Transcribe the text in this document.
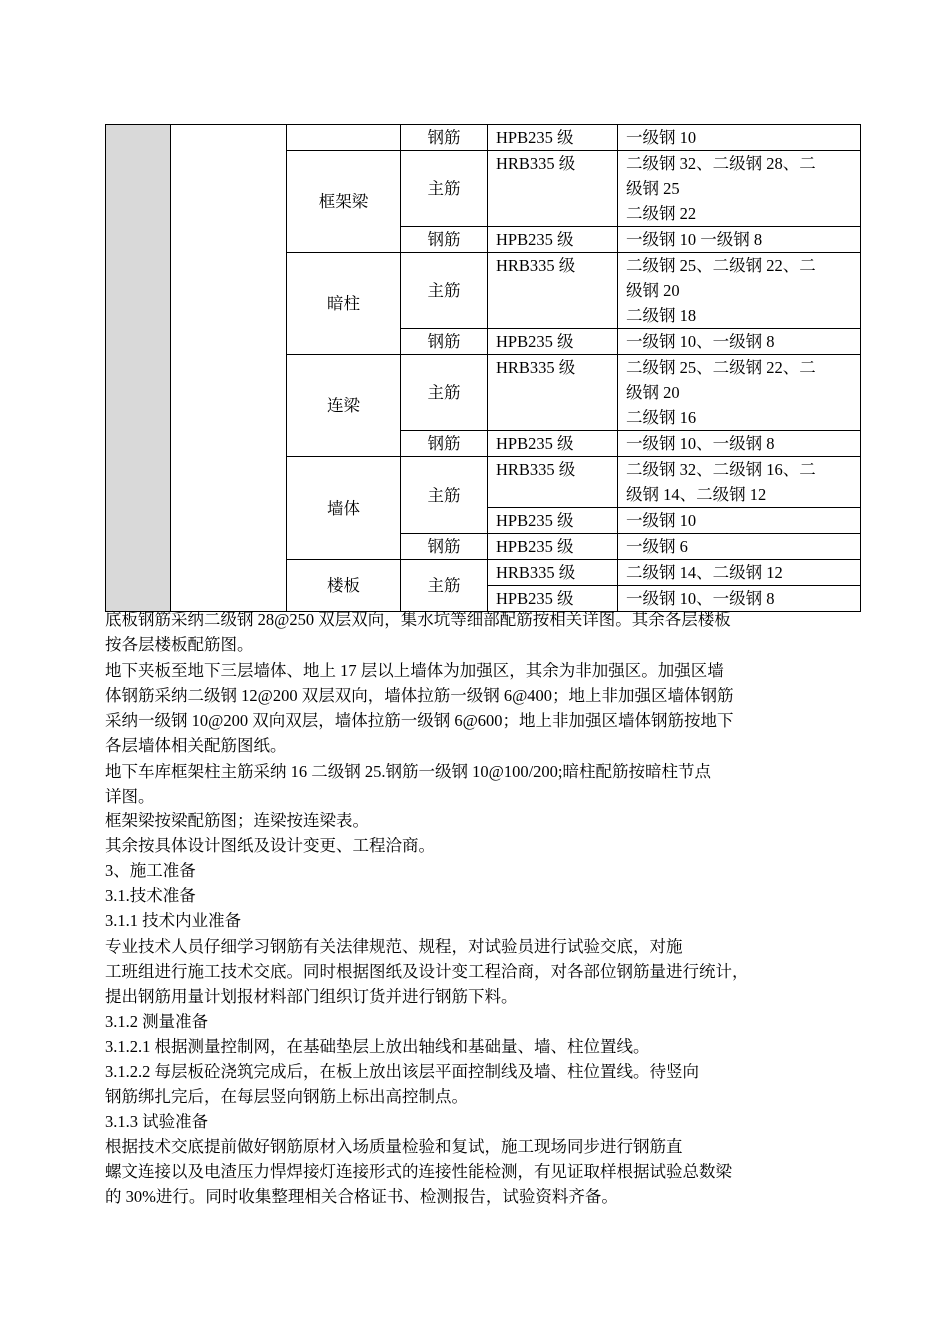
			钢筋	HPB235 级	一级钢 10

		框架梁	主筋	HRB335 级	二级钢 32、二级钢 28、二
级钢 25
二级钢 22

			钢筋	HPB235 级	一级钢 10 一级钢 8

		暗柱	主筋	HRB335 级	二级钢 25、二级钢 22、二
级钢 20
二级钢 18

			钢筋	HPB235 级	一级钢 10、一级钢 8

		连梁	主筋	HRB335 级	二级钢 25、二级钢 22、二
级钢 20
二级钢 16

			钢筋	HPB235 级	一级钢 10、一级钢 8

		墙体	主筋	HRB335 级	二级钢 32、二级钢 16、二
级钢 14、二级钢 12

				HPB235 级	一级钢 10

			钢筋	HPB235 级	一级钢 6

		楼板	主筋	HRB335 级	二级钢 14、二级钢 12

				HPB235 级	一级钢 10、一级钢 8
底板钢筋采纳二级钢 28@250 双层双向，集水坑等细部配筋按相关详图。其余各层楼板
按各层楼板配筋图。
地下夹板至地下三层墙体、地上 17 层以上墙体为加强区，其余为非加强区。加强区墙
体钢筋采纳二级钢 12@200 双层双向，墙体拉筋一级钢 6@400；地上非加强区墙体钢筋
采纳一级钢 10@200 双向双层，墙体拉筋一级钢 6@600；地上非加强区墙体钢筋按地下
各层墙体相关配筋图纸。
地下车库框架柱主筋采纳 16 二级钢 25.钢筋一级钢 10@100/200;暗柱配筋按暗柱节点
详图。
框架梁按梁配筋图；连梁按连梁表。
其余按具体设计图纸及设计变更、工程洽商。
3、施工准备
3.1.技术准备
3.1.1 技术内业准备
专业技术人员仔细学习钢筋有关法律规范、规程，对试验员进行试验交底，对施
工班组进行施工技术交底。同时根据图纸及设计变工程洽商，对各部位钢筋量进行统计，
提出钢筋用量计划报材料部门组织订货并进行钢筋下料。
3.1.2 测量准备
3.1.2.1 根据测量控制网，在基础垫层上放出轴线和基础量、墙、柱位置线。
3.1.2.2 每层板砼浇筑完成后，在板上放出该层平面控制线及墙、柱位置线。待竖向
钢筋绑扎完后，在每层竖向钢筋上标出高控制点。
3.1.3 试验准备
根据技术交底提前做好钢筋原材入场质量检验和复试，施工现场同步进行钢筋直
螺文连接以及电渣压力悍焊接灯连接形式的连接性能检测，有见证取样根据试验总数梁
的 30%进行。同时收集整理相关合格证书、检测报告，试验资料齐备。
